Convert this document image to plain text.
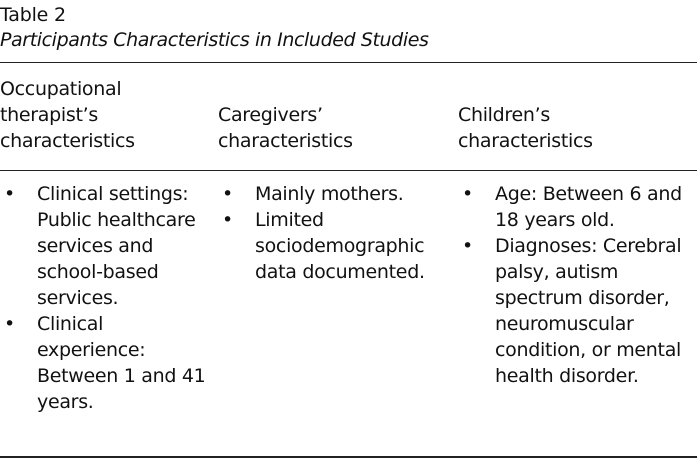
Table 2
Participants Characteristics in Included Studies
Occupational
therapist’s
characteristics
• Clinical settings: Public healthcare services and school-based services.
• Clinical experience: Between 1 and 41 years.
Caregivers’
characteristics
• Mainly mothers.
• Limited sociodemographic data documented.
Children’s
characteristics
• Age: Between 6 and 18 years old.
• Diagnoses: Cerebral palsy, autism spectrum disorder, neuromuscular condition, or mental health disorder.
